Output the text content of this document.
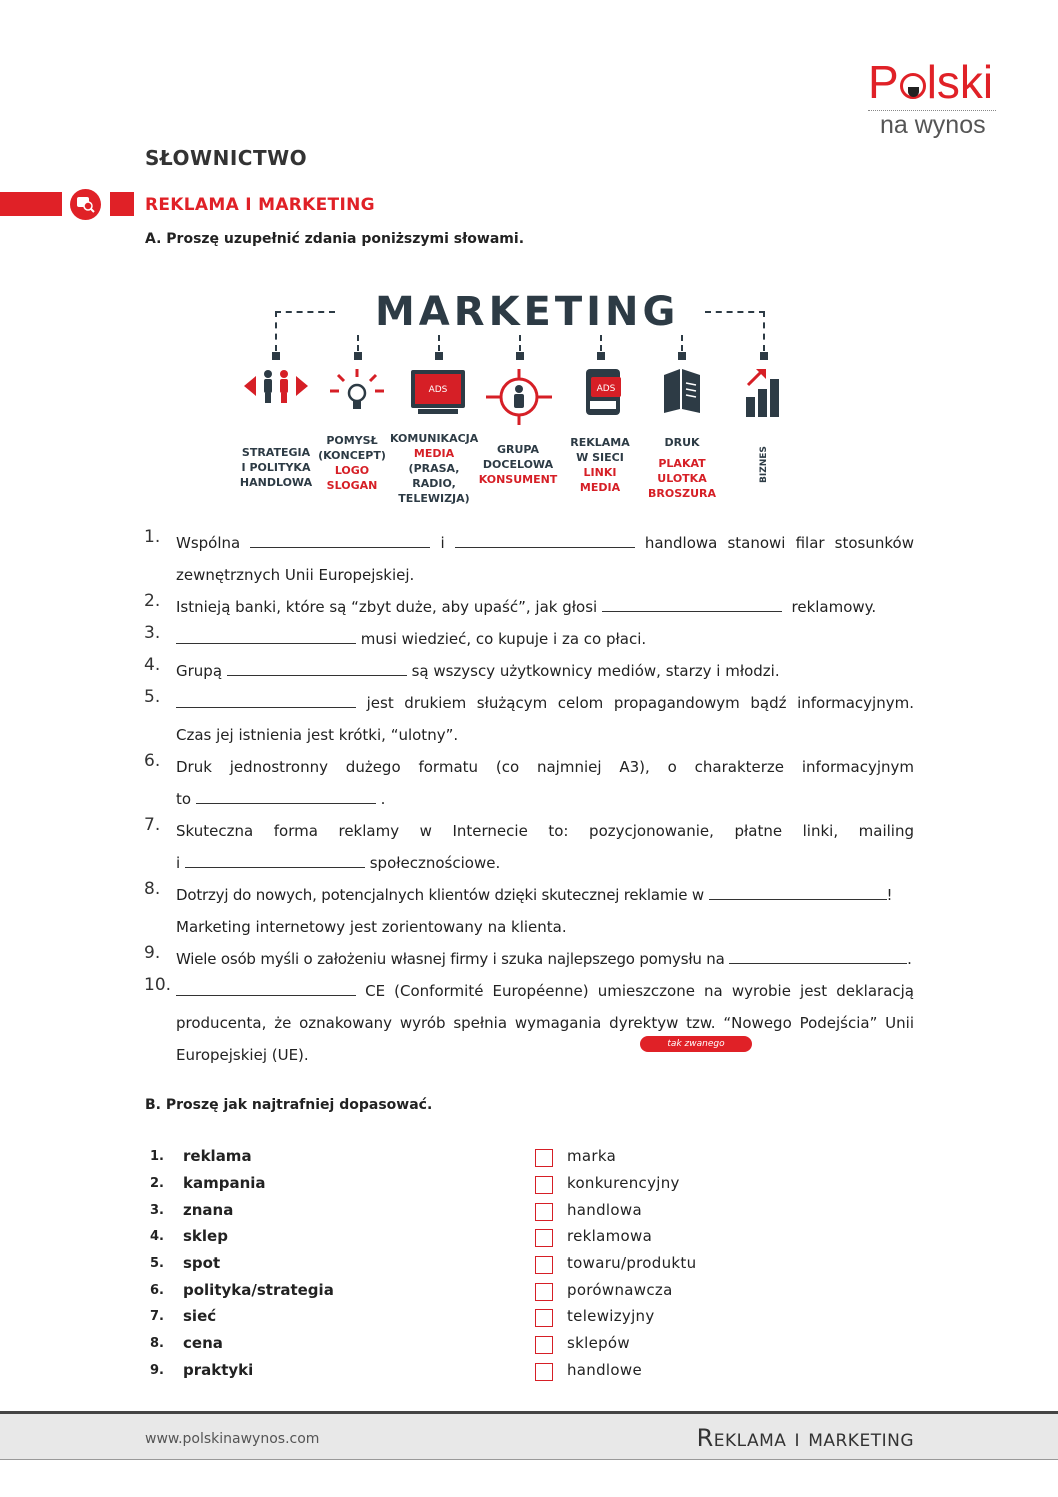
P lski
na wynos
SŁOWNICTWO
REKLAMA I MARKETING
A. Proszę uzupełnić zdania poniższymi słowami.
MARKETING
ADS	ADS
STRATEGIA
I POLITYKA
HANDLOWA
POMYSŁ
(KONCEPT)
LOGO
SLOGAN
KOMUNIKACJA
MEDIA
(PRASA,
RADIO,
TELEWIZJA)
GRUPA
DOCELOWA
KONSUMENT
REKLAMA
W SIECI
LINKI
MEDIA
DRUK
PLAKAT
ULOTKA
BROSZURA
BIZNES
1. Wspólna	i	handlowa stanowi filar stosunków
zewnętrznych Unii Europejskiej.
2. Istnieją banki, które są “zbyt duże, aby upaść”, jak głosi	reklamowy.
3.	musi wiedzieć, co kupuje i za co płaci.
4. Grupą	są wszyscy użytkownicy mediów, starzy i młodzi.
5.	jest drukiem służącym celom propagandowym bądź informacyjnym.
Czas jej istnienia jest krótki, “ulotny”.
6. Druk jednostronny dużego formatu (co najmniej A3), o charakterze informacyjnym
to	.
7. Skuteczna forma reklamy w Internecie to: pozycjonowanie, płatne linki, mailing
i	społecznościowe.
8. Dotrzyj do nowych, potencjalnych klientów dzięki skutecznej reklamie w	!
Marketing internetowy jest zorientowany na klienta.
9. Wiele osób myśli o założeniu własnej firmy i szuka najlepszego pomysłu na	.
10.	CE (Conformité Européenne) umieszczone na wyrobie jest deklaracją
producenta, że oznakowany wyrób spełnia wymagania dyrektyw tzw. “Nowego Podejścia” Unii
Europejskiej (UE).
tak zwanego
B. Proszę jak najtrafniej dopasować.
1. reklama	marka
2. kampania	konkurencyjny
3. znana	handlowa
4. sklep	reklamowa
5. spot	towaru/produktu
6. polityka/strategia	porównawcza
7. sieć	telewizyjny
8. cena	sklepów
9. praktyki	handlowe
www.polskinawynos.com	Reklama i marketing
